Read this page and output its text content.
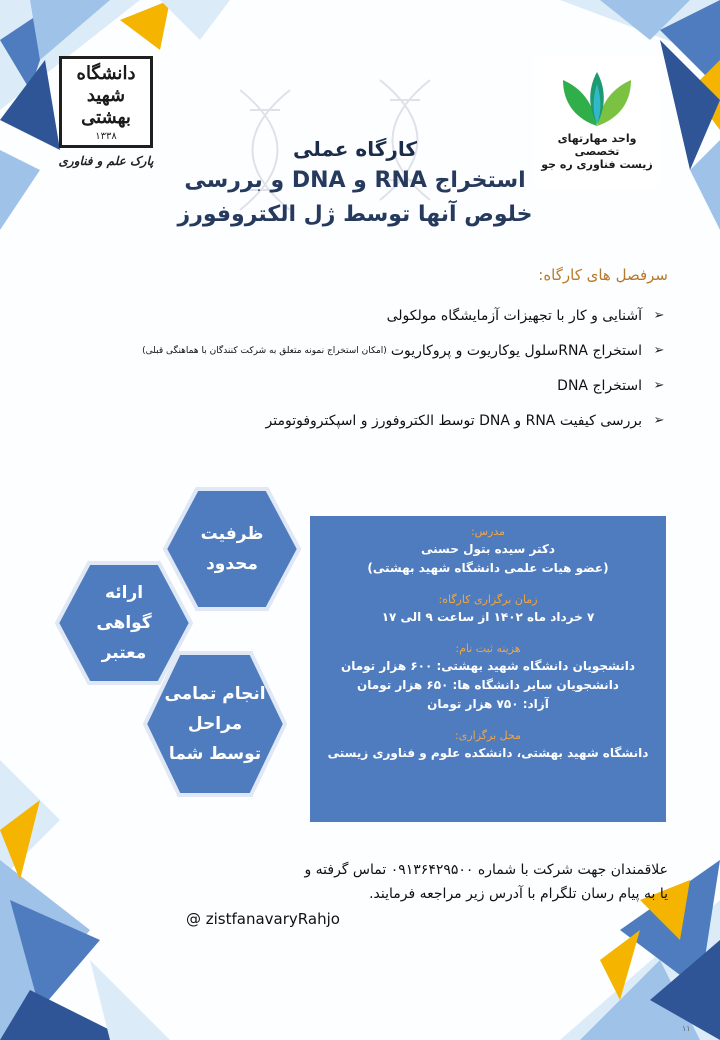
دانشگاه
شهید
بهشتی
۱۳۳۸
پارک علم و فناوری
واحد مهارتهای تخصصی
زیست فناوری ره جو
کارگاه عملی
استخراج RNA و DNA و بررسی
خلوص آنها توسط ژل الکتروفورز
سرفصل های کارگاه:
➢
آشنایی و کار با تجهیزات آزمایشگاه مولکولی
➢
استخراج RNAسلول یوکاریوت و پروکاریوت
(امکان استخراج نمونه متعلق به شرکت کنندگان با هماهنگی قبلی)
➢
استخراج DNA
➢
بررسی کیفیت RNA و DNA توسط الکتروفورز و اسپکتروفوتومتر
ظرفیت
محدود
ارائه
گواهی
معتبر
انجام تمامی
مراحل
توسط شما
مدرس:
دکتر سیده بتول حسنی
(عضو هیات علمی دانشگاه شهید بهشتی)
زمان برگزاری کارگاه:
۷ خرداد ماه ۱۴۰۲ از ساعت ۹ الی ۱۷
هزینه ثبت نام:
دانشجویان دانشگاه شهید بهشتی: ۶۰۰ هزار تومان
دانشجویان سایر دانشگاه ها: ۶۵۰ هزار تومان
آزاد: ۷۵۰ هزار تومان
محل برگزاری:
دانشگاه شهید بهشتی، دانشکده علوم و فناوری زیستی
علاقمندان جهت شرکت با شماره ۰۹۱۳۶۴۲۹۵۰۰ تماس گرفته و
یا به پیام رسان تلگرام با آدرس زیر مراجعه فرمایند.
@ zistfanavaryRahjo
۱۱
